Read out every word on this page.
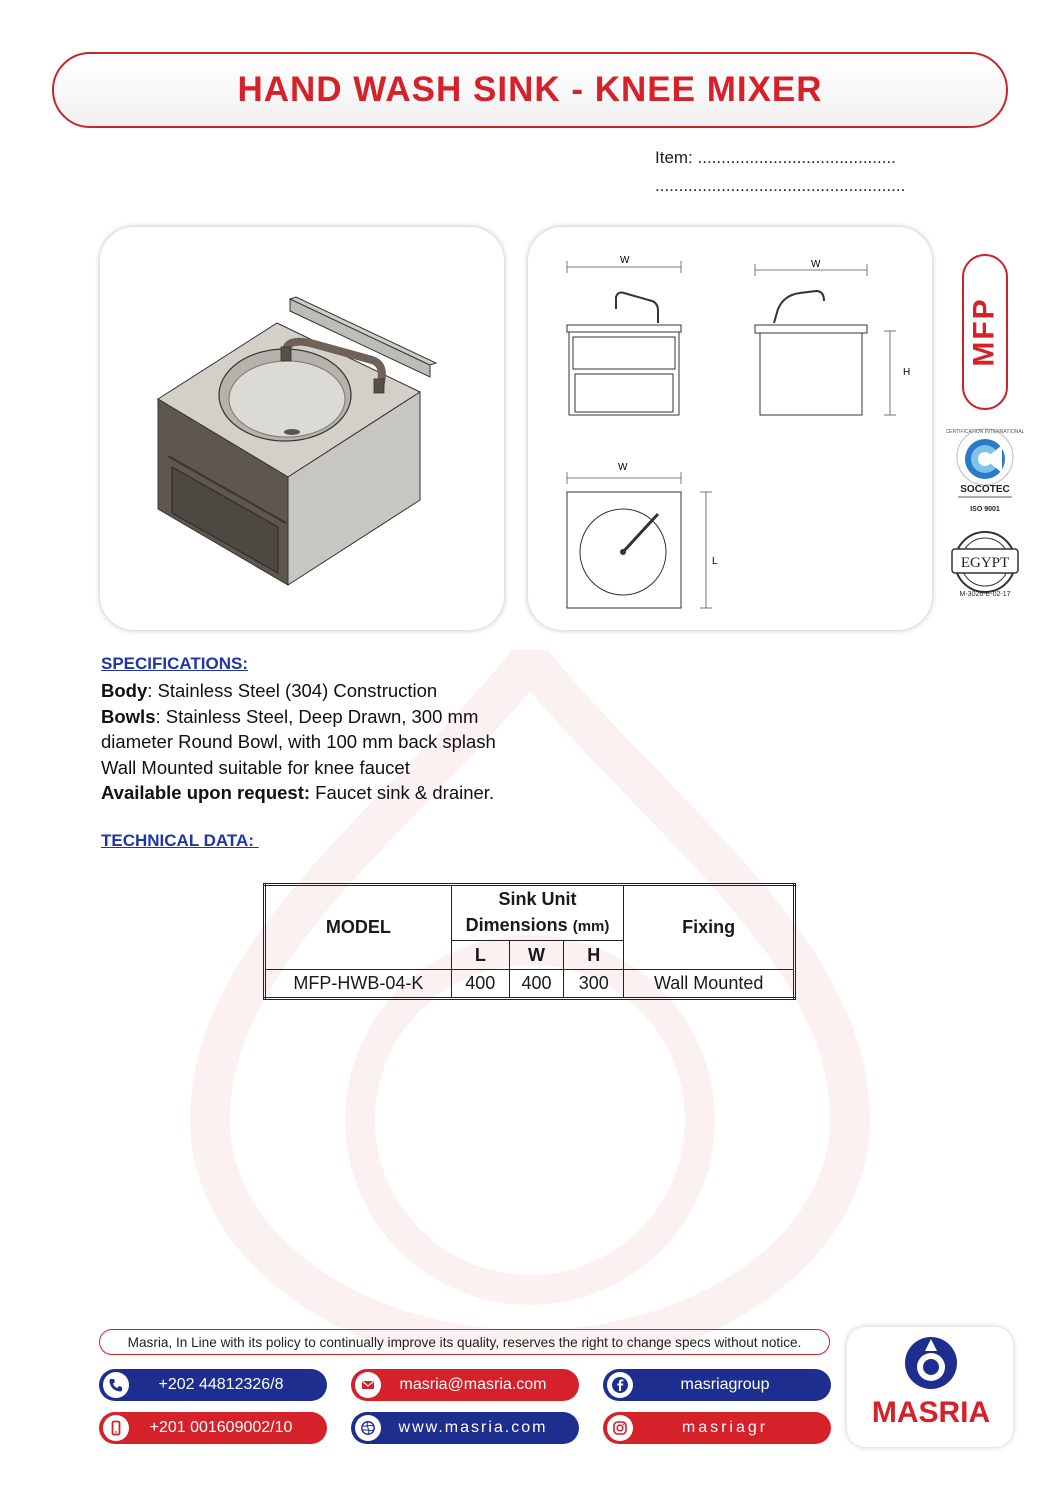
HAND WASH SINK - KNEE MIXER
Item: ..........................................
.....................................................
W	W
H
W
L
MFP
CERTIFICATION INTERNATIONAL
SOCOTEC
ISO 9001
EGYPT
M-3026-E-02-17
SPECIFICATIONS:
Body: Stainless Steel (304) Construction
Bowls: Stainless Steel, Deep Drawn, 300 mm
diameter Round Bowl, with 100 mm back splash
Wall Mounted suitable for knee faucet
Available upon request: Faucet sink & drainer.
TECHNICAL DATA:
MODEL	Sink Unit
Dimensions (mm)			Fixing
	L	W	H	
MFP-HWB-04-K	400	400	300	Wall Mounted
Masria, In Line with its policy to continually improve its quality, reserves the right to change specs without notice.
+202 44812326/8
+201 001609002/10
masria@masria.com
www.masria.com
masriagroup
masriagr	MASRIA
